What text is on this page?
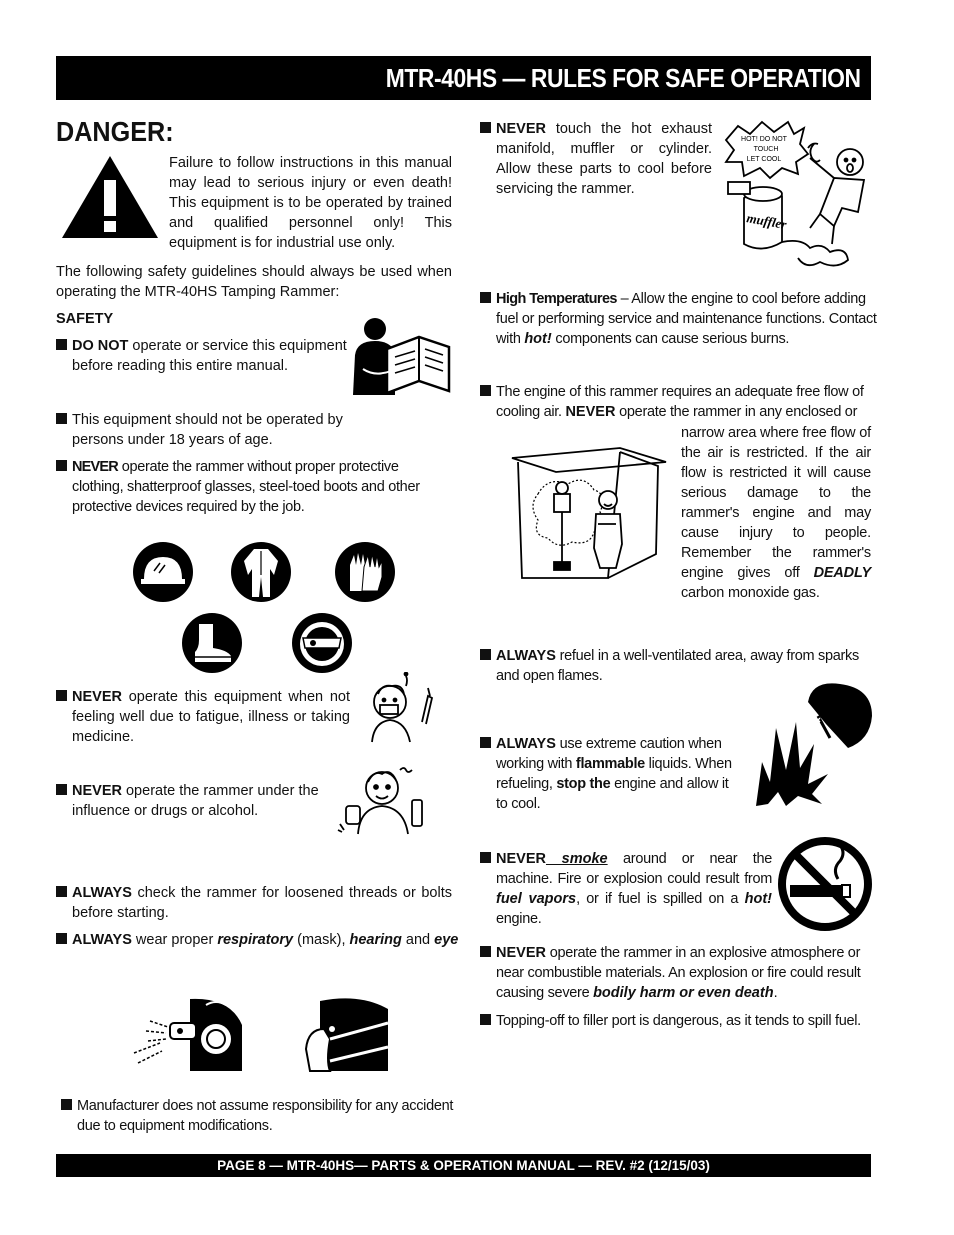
MTR-40HS — RULES FOR SAFE OPERATION
DANGER:
Failure to follow instructions in this manual may lead to serious injury or even death! This equipment is to be operated by trained and qualified personnel only! This equipment is for industrial use only.
The following safety guidelines should always be used when operating the MTR-40HS Tamping Rammer:
SAFETY
DO NOT operate or service this equipment before reading this entire manual.
This equipment should not be operated by persons under 18 years of age.
NEVER operate the rammer without proper protective clothing, shatterproof glasses, steel-toed boots and other protective devices required by the job.
NEVER operate this equipment when not feeling well due to fatigue, illness or taking medicine.
NEVER operate the rammer under the influence or drugs or alcohol.
ALWAYS check the rammer for loosened threads or bolts before starting.
ALWAYS wear proper respiratory (mask), hearing and eye
Manufacturer does not assume responsibility for any accident due to equipment modifications.
NEVER touch the hot exhaust manifold, muffler or cylinder. Allow these parts to cool before servicing the rammer.
HOT! DO NOT
TOUCH
LET COOL
muffler
High Temperatures – Allow the engine to cool before adding fuel or performing service and maintenance functions. Contact with hot! components can cause serious burns.
The engine of this rammer requires an adequate free flow of cooling air. NEVER operate the rammer in any enclosed or
narrow area where free flow of the air is restricted. If the air flow is restricted it will cause serious damage to the rammer's engine and may cause injury to people. Remember the rammer's engine gives off DEADLY carbon monoxide gas.
ALWAYS refuel in a well-ventilated area, away from sparks and open flames.
ALWAYS use extreme caution when working with flammable liquids. When refueling, stop the engine and allow it to cool.
NEVER smoke around or near the machine. Fire or explosion could result from fuel vapors, or if fuel is spilled on a hot! engine.
NEVER operate the rammer in an explosive atmosphere or near combustible materials. An explosion or fire could result causing severe bodily harm or even death.
Topping-off to filler port is dangerous, as it tends to spill fuel.
PAGE 8 — MTR-40HS— PARTS & OPERATION MANUAL — REV. #2 (12/15/03)
